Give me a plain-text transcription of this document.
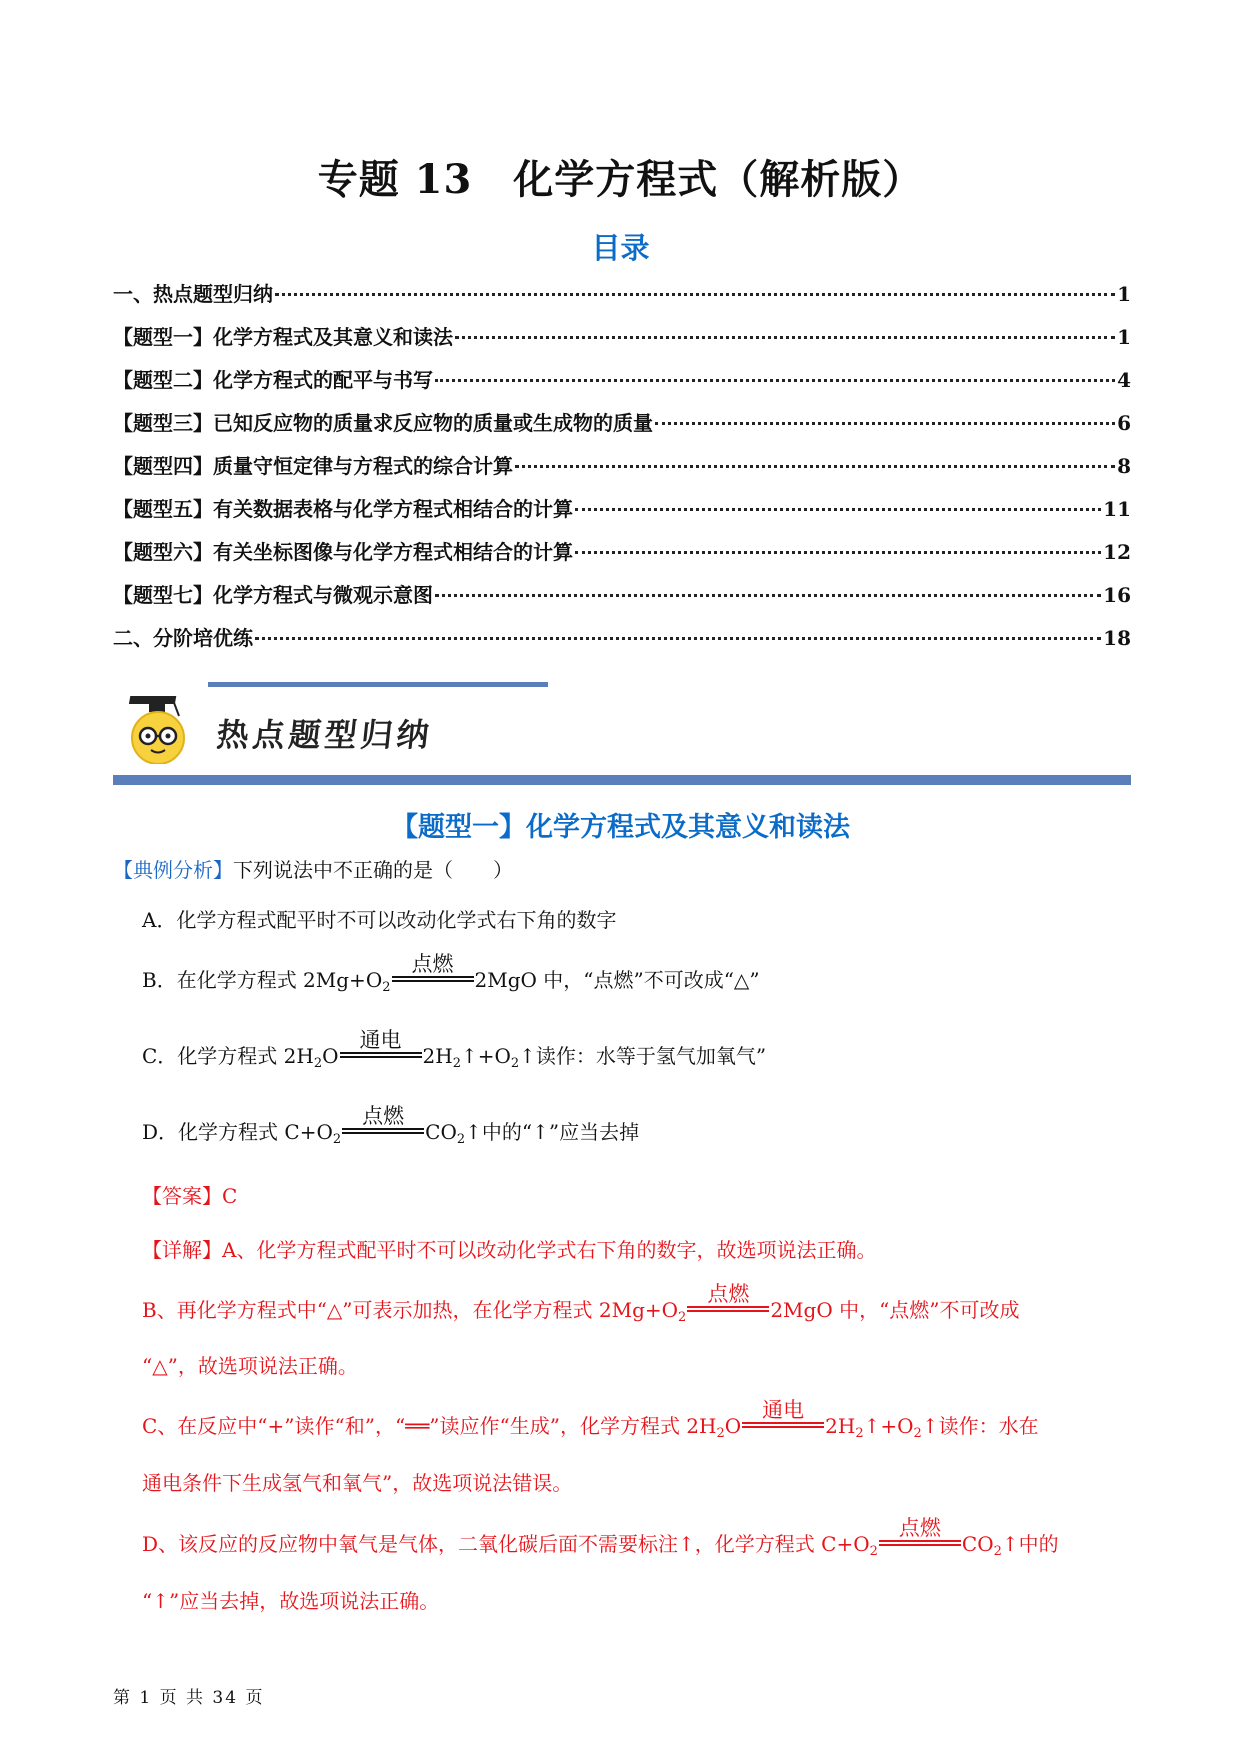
专题 13　化学方程式（解析版）
目录
一、热点题型归纳	1
【题型一】化学方程式及其意义和读法	1
【题型二】化学方程式的配平与书写	4
【题型三】已知反应物的质量求反应物的质量或生成物的质量	6
【题型四】质量守恒定律与方程式的综合计算	8
【题型五】有关数据表格与化学方程式相结合的计算	11
【题型六】有关坐标图像与化学方程式相结合的计算	12
【题型七】化学方程式与微观示意图	16
二、分阶培优练	18
热点题型归纳
【题型一】化学方程式及其意义和读法
【典例分析】下列说法中不正确的是（　　）
A．化学方程式配平时不可以改动化学式右下角的数字
B．在化学方程式 $2Mg+O_2$
点燃
2MgO 中，“点燃”不可改成“△”
C．化学方程式 $2H_2O$
通电
$2H_2↑+O_2↑$读作：水等于氢气加氧气”
D．化学方程式 $C+O_2$
点燃
$CO_2↑$中的“↑”应当去掉
【答案】C
【详解】A、化学方程式配平时不可以改动化学式右下角的数字，故选项说法正确。
B、再化学方程式中“△”可表示加热，在化学方程式 $2Mg+O_2$
点燃
2MgO 中，“点燃”不可改成
“△”，故选项说法正确。
C、在反应中“+”读作“和”，“══”读应作“生成”，化学方程式 $2H_2O$
通电
$2H_2↑+O_2↑$读作：水在
通电条件下生成氢气和氧气”，故选项说法错误。
D、该反应的反应物中氧气是气体，二氧化碳后面不需要标注↑，化学方程式 $C+O_2$
点燃
$CO_2↑$中的
“↑”应当去掉，故选项说法正确。
第 1 页 共 34 页
